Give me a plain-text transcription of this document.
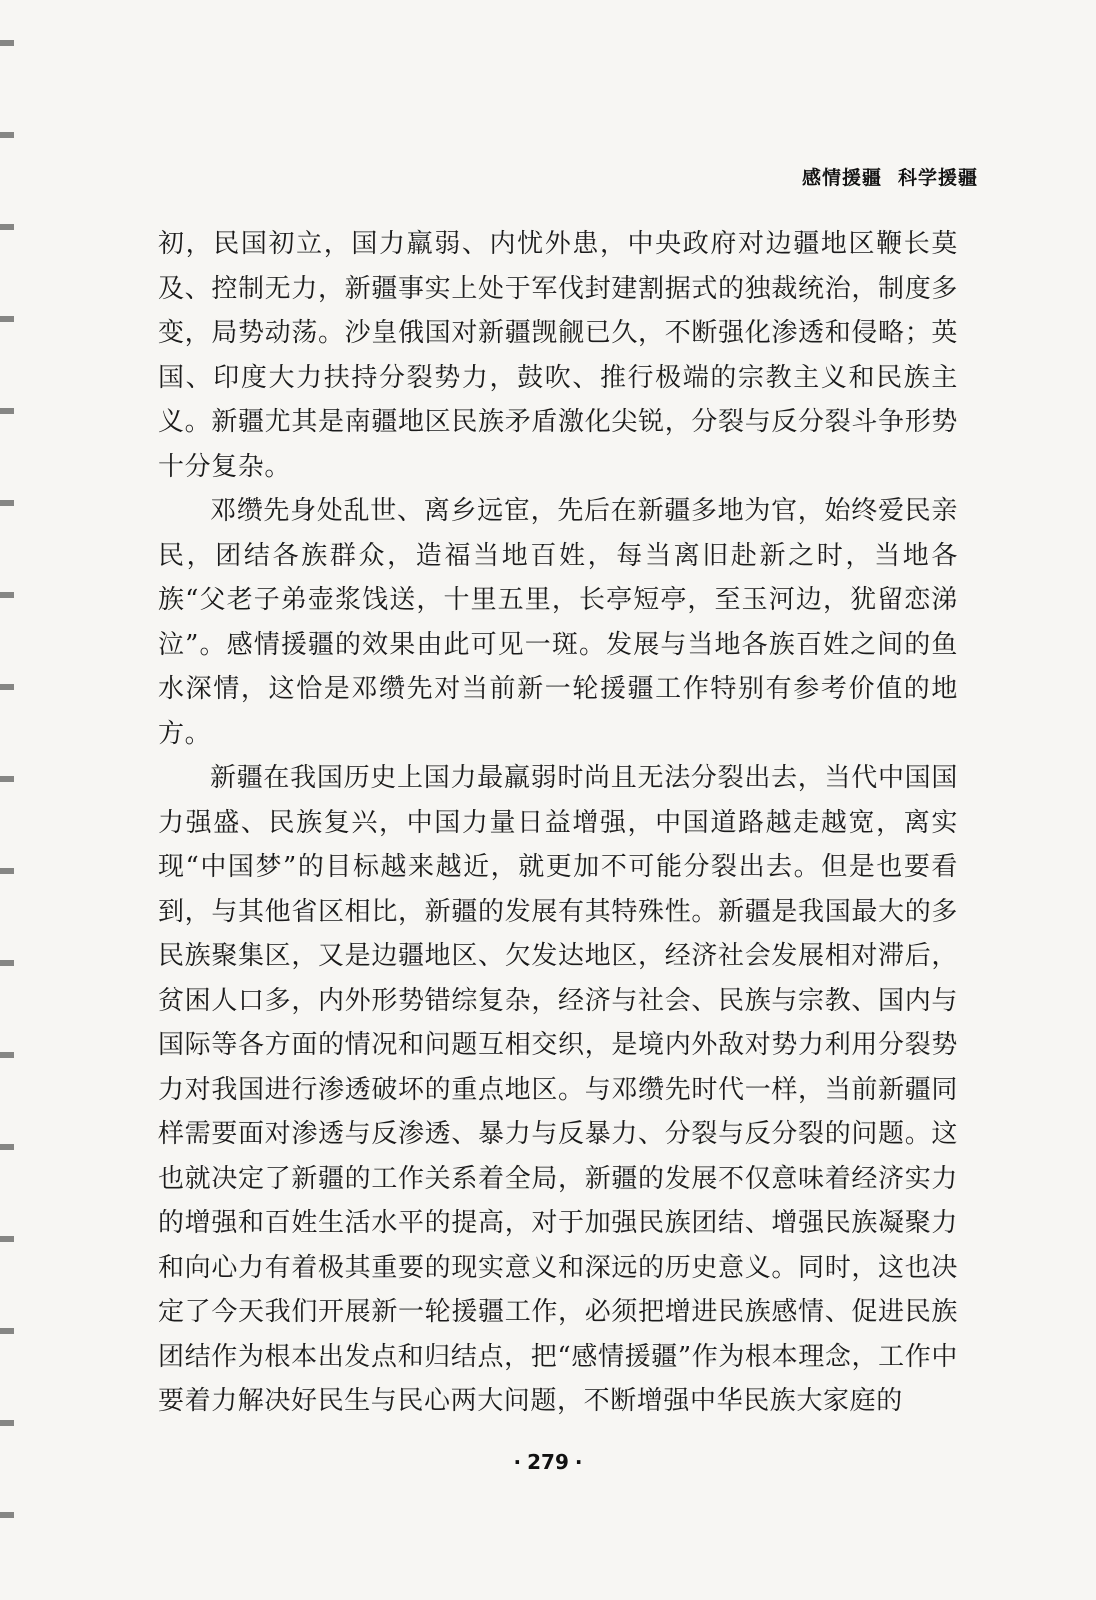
感情援疆 科学援疆

初，民国初立，国力羸弱、内忧外患，中央政府对边疆地区鞭长莫及、控制无力，新疆事实上处于军伐封建割据式的独裁统治，制度多变，局势动荡。沙皇俄国对新疆觊觎已久，不断强化渗透和侵略；英国、印度大力扶持分裂势力，鼓吹、推行极端的宗教主义和民族主义。新疆尤其是南疆地区民族矛盾激化尖锐，分裂与反分裂斗争形势十分复杂。

邓缵先身处乱世、离乡远宦，先后在新疆多地为官，始终爱民亲民，团结各族群众，造福当地百姓，每当离旧赴新之时，当地各族“父老子弟壶浆饯送，十里五里，长亭短亭，至玉河边，犹留恋涕泣”。感情援疆的效果由此可见一斑。发展与当地各族百姓之间的鱼水深情，这恰是邓缵先对当前新一轮援疆工作特别有参考价值的地方。

新疆在我国历史上国力最羸弱时尚且无法分裂出去，当代中国国力强盛、民族复兴，中国力量日益增强，中国道路越走越宽，离实现“中国梦”的目标越来越近，就更加不可能分裂出去。但是也要看到，与其他省区相比，新疆的发展有其特殊性。新疆是我国最大的多民族聚集区，又是边疆地区、欠发达地区，经济社会发展相对滞后，贫困人口多，内外形势错综复杂，经济与社会、民族与宗教、国内与国际等各方面的情况和问题互相交织，是境内外敌对势力利用分裂势力对我国进行渗透破坏的重点地区。与邓缵先时代一样，当前新疆同样需要面对渗透与反渗透、暴力与反暴力、分裂与反分裂的问题。这也就决定了新疆的工作关系着全局，新疆的发展不仅意味着经济实力的增强和百姓生活水平的提高，对于加强民族团结、增强民族凝聚力和向心力有着极其重要的现实意义和深远的历史意义。同时，这也决定了今天我们开展新一轮援疆工作，必须把增进民族感情、促进民族团结作为根本出发点和归结点，把“感情援疆”作为根本理念，工作中要着力解决好民生与民心两大问题，不断增强中华民族大家庭的

· 279 ·
